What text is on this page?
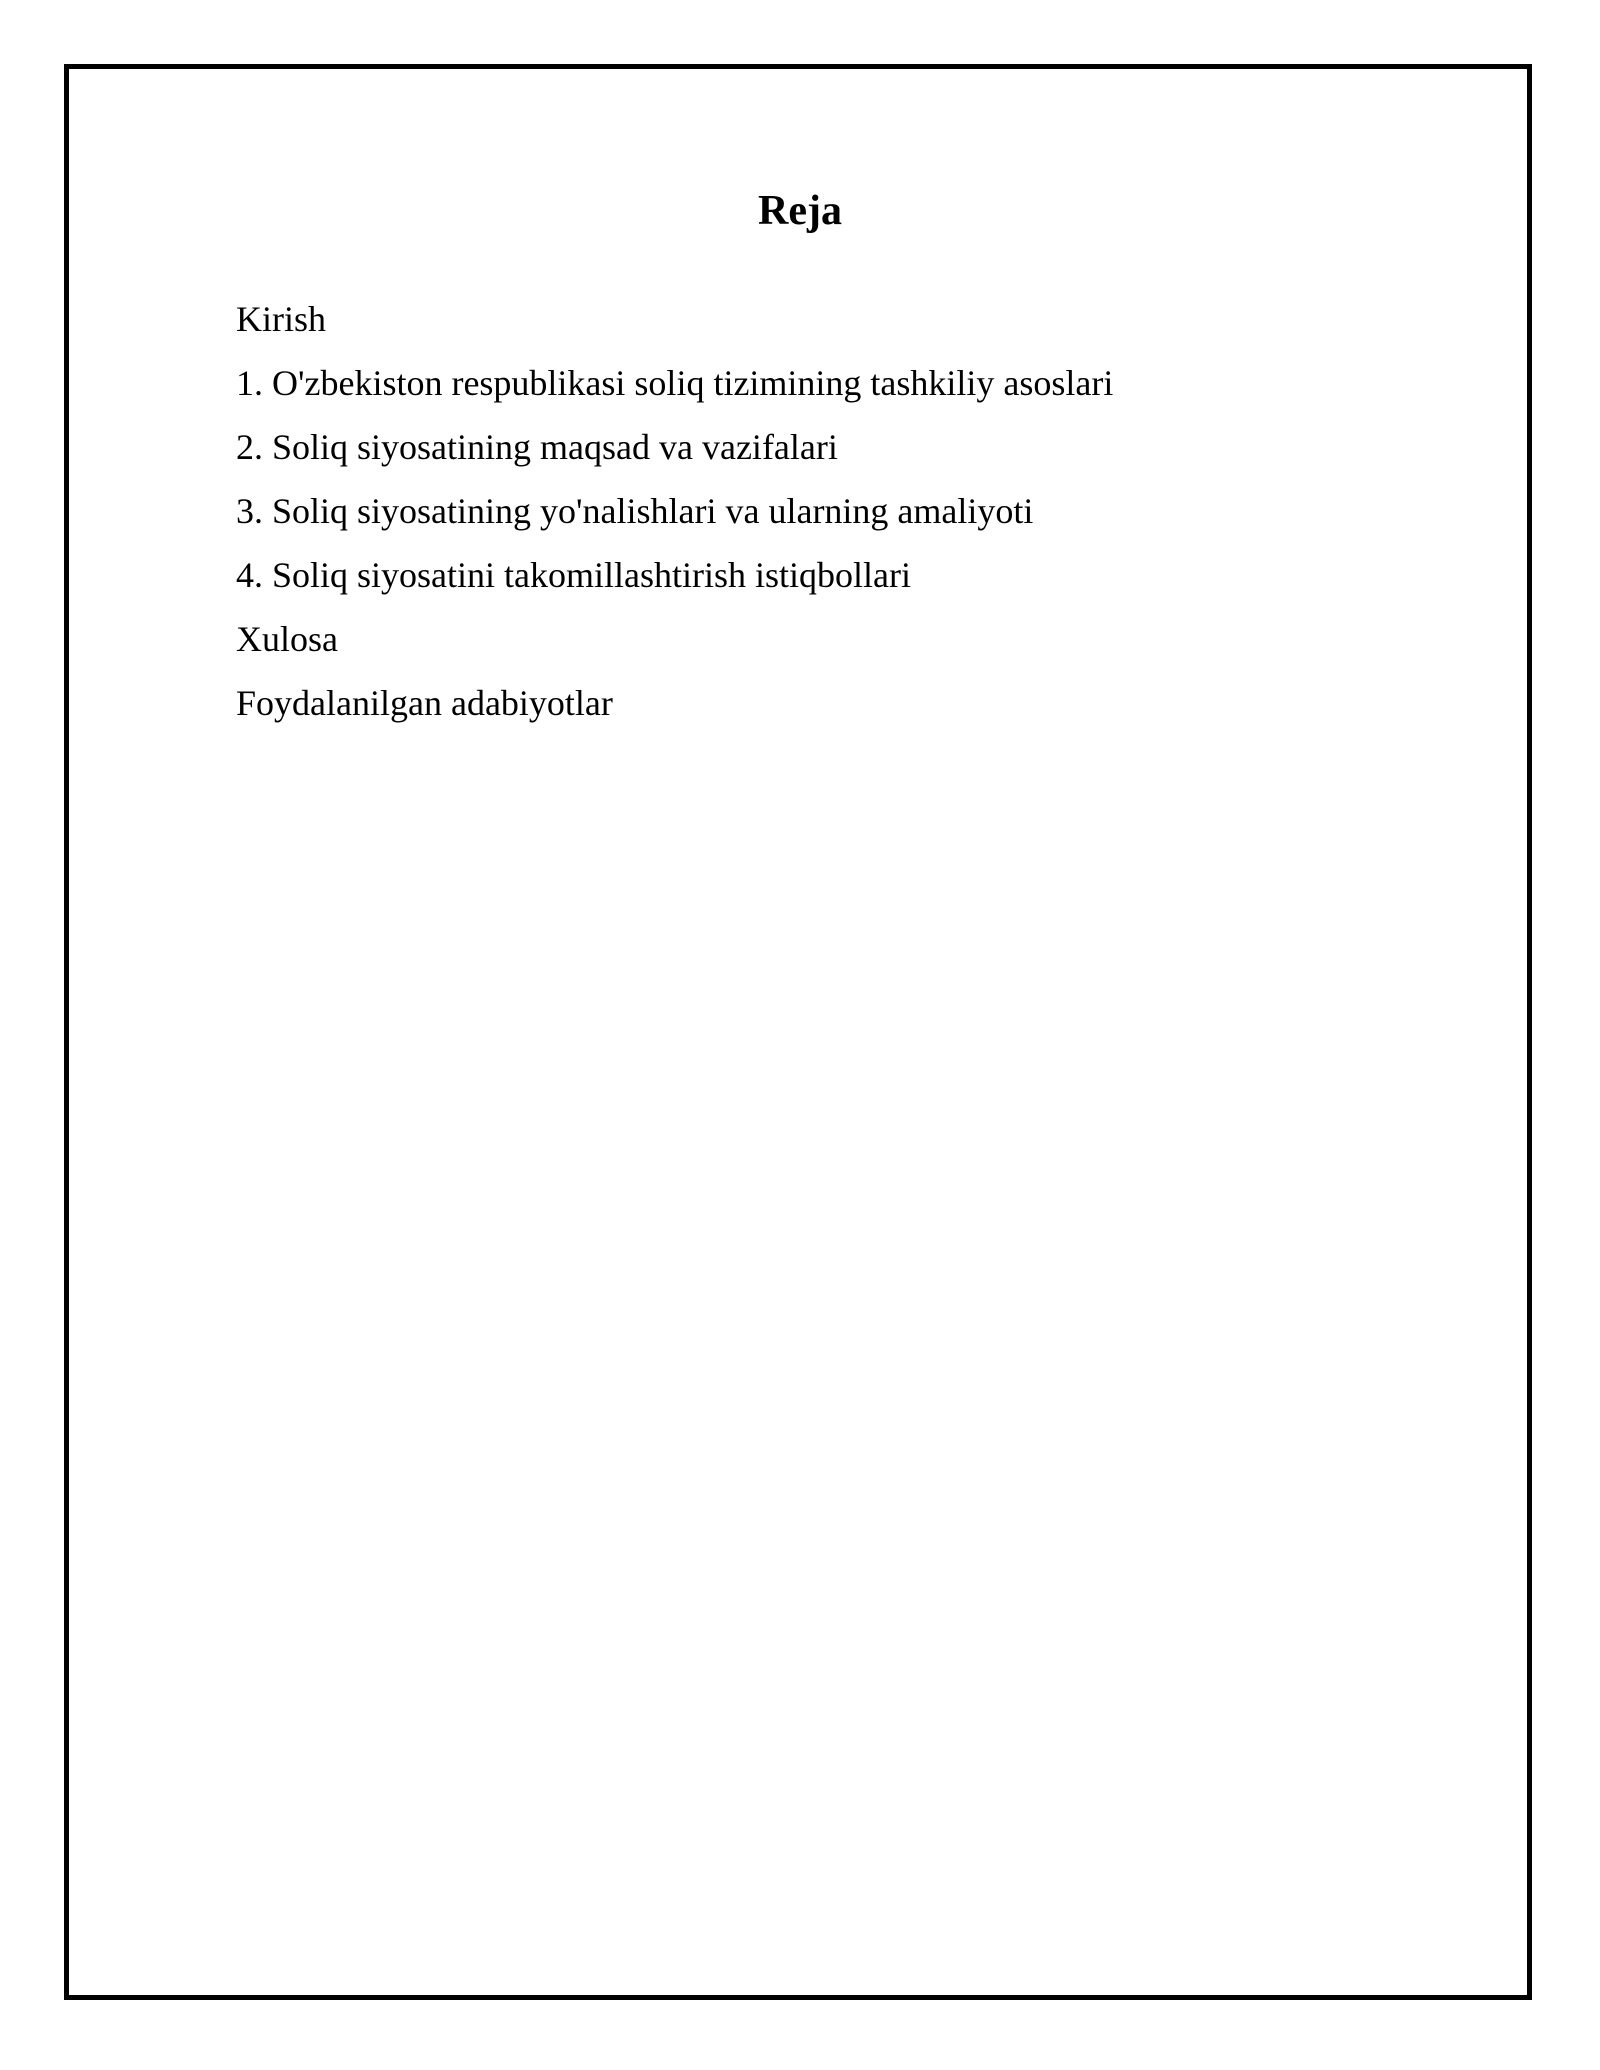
Reja
Kirish
1. O'zbekiston respublikasi soliq tizimining tashkiliy asoslari
2. Soliq siyosatining maqsad va vazifalari
3. Soliq siyosatining yo'nalishlari va ularning amaliyoti
4. Soliq siyosatini takomillashtirish istiqbollari
Xulosa
Foydalanilgan adabiyotlar
